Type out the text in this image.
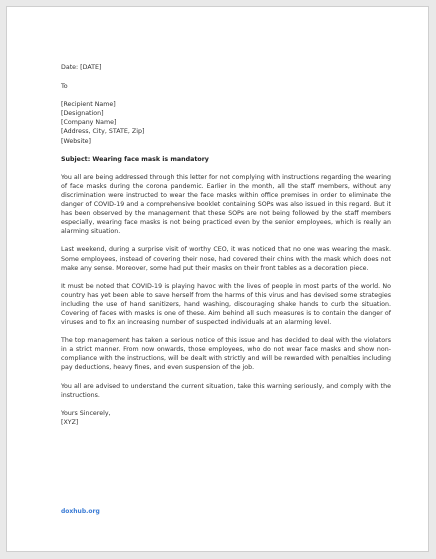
Date: [DATE]
To
[Recipient Name]
[Designation]
[Company Name]
[Address, City, STATE, Zip]
[Website]
Subject: Wearing face mask is mandatory

You all are being addressed through this letter for not complying with instructions regarding the wearing of face masks during the corona pandemic. Earlier in the month, all the staff members, without any discrimination were instructed to wear the face masks within office premises in order to eliminate the danger of COVID-19 and a comprehensive booklet containing SOPs was also issued in this regard. But it has been observed by the management that these SOPs are not being followed by the staff members especially, wearing face masks is not being practiced even by the senior employees, which is really an alarming situation.

Last weekend, during a surprise visit of worthy CEO, it was noticed that no one was wearing the mask. Some employees, instead of covering their nose, had covered their chins with the mask which does not make any sense. Moreover, some had put their masks on their front tables as a decoration piece.

It must be noted that COVID-19 is playing havoc with the lives of people in most parts of the world. No country has yet been able to save herself from the harms of this virus and has devised some strategies including the use of hand sanitizers, hand washing, discouraging shake hands to curb the situation. Covering of faces with masks is one of these. Aim behind all such measures is to contain the danger of viruses and to fix an increasing number of suspected individuals at an alarming level.

The top management has taken a serious notice of this issue and has decided to deal with the violators in a strict manner. From now onwards, those employees, who do not wear face masks and show non-compliance with the instructions, will be dealt with strictly and will be rewarded with penalties including pay deductions, heavy fines, and even suspension of the job.

You all are advised to understand the current situation, take this warning seriously, and comply with the instructions.

Yours Sincerely,
[XYZ]
doxhub.org
